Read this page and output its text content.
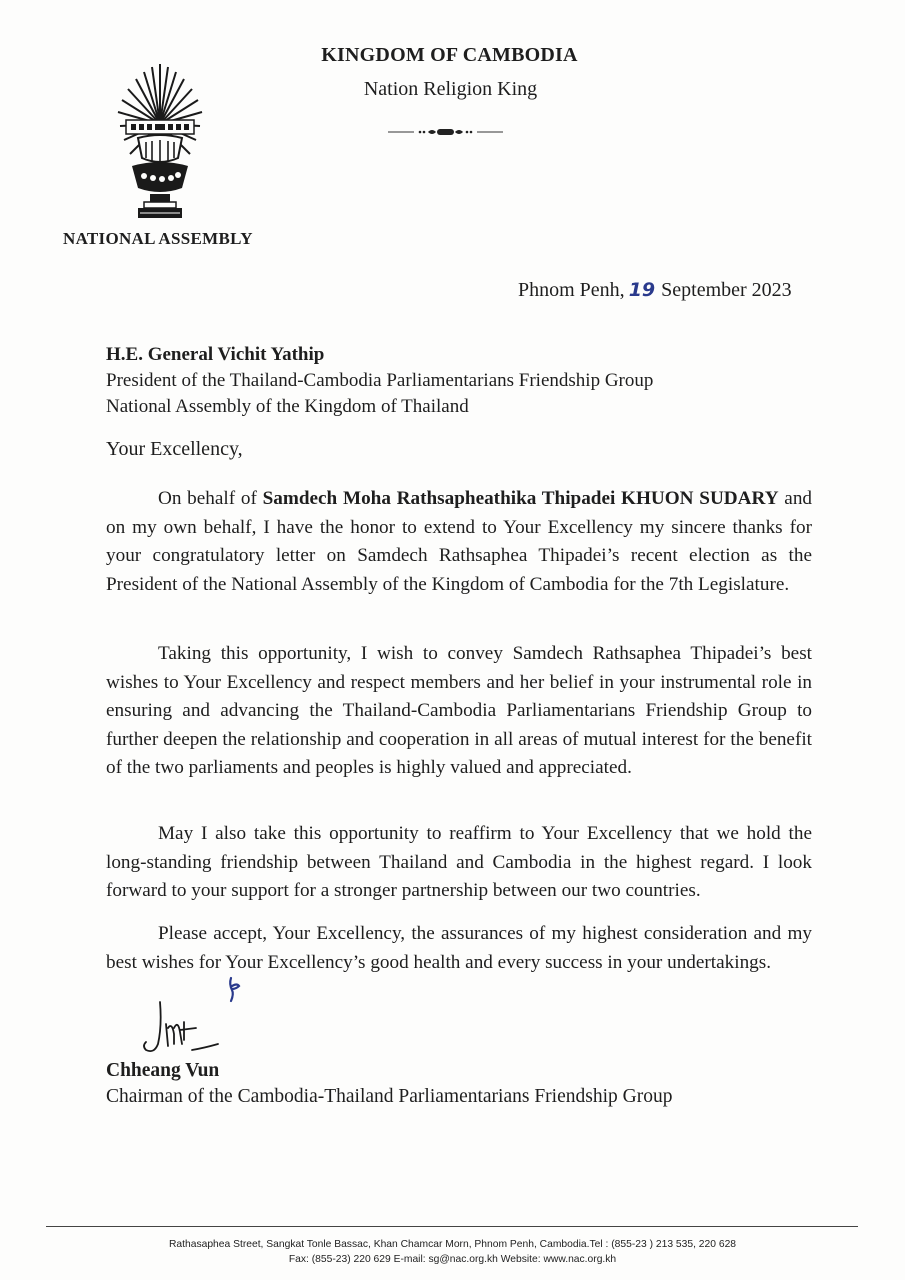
KINGDOM OF CAMBODIA
Nation Religion King
NATIONAL ASSEMBLY
Phnom Penh, 19 September 2023
H.E. General Vichit Yathip
President of the Thailand-Cambodia Parliamentarians Friendship Group
National Assembly of the Kingdom of Thailand
Your Excellency,

On behalf of Samdech Moha Rathsapheathika Thipadei KHUON SUDARY and on my own behalf, I have the honor to extend to Your Excellency my sincere thanks for your congratulatory letter on Samdech Rathsaphea Thipadei’s recent election as the President of the National Assembly of the Kingdom of Cambodia for the 7th Legislature.

Taking this opportunity, I wish to convey Samdech Rathsaphea Thipadei’s best wishes to Your Excellency and respect members and her belief in your instrumental role in ensuring and advancing the Thailand-Cambodia Parliamentarians Friendship Group to further deepen the relationship and cooperation in all areas of mutual interest for the benefit of the two parliaments and peoples is highly valued and appreciated.

May I also take this opportunity to reaffirm to Your Excellency that we hold the long-standing friendship between Thailand and Cambodia in the highest regard. I look forward to your support for a stronger partnership between our two countries.

Please accept, Your Excellency, the assurances of my highest consideration and my best wishes for Your Excellency’s good health and every success in your undertakings.

Chheang Vun
Chairman of the Cambodia-Thailand Parliamentarians Friendship Group
Rathasaphea Street, Sangkat Tonle Bassac, Khan Chamcar Morn, Phnom Penh, Cambodia.Tel : (855-23 ) 213 535, 220 628
Fax: (855-23) 220 629 E-mail: sg@nac.org.kh Website: www.nac.org.kh
